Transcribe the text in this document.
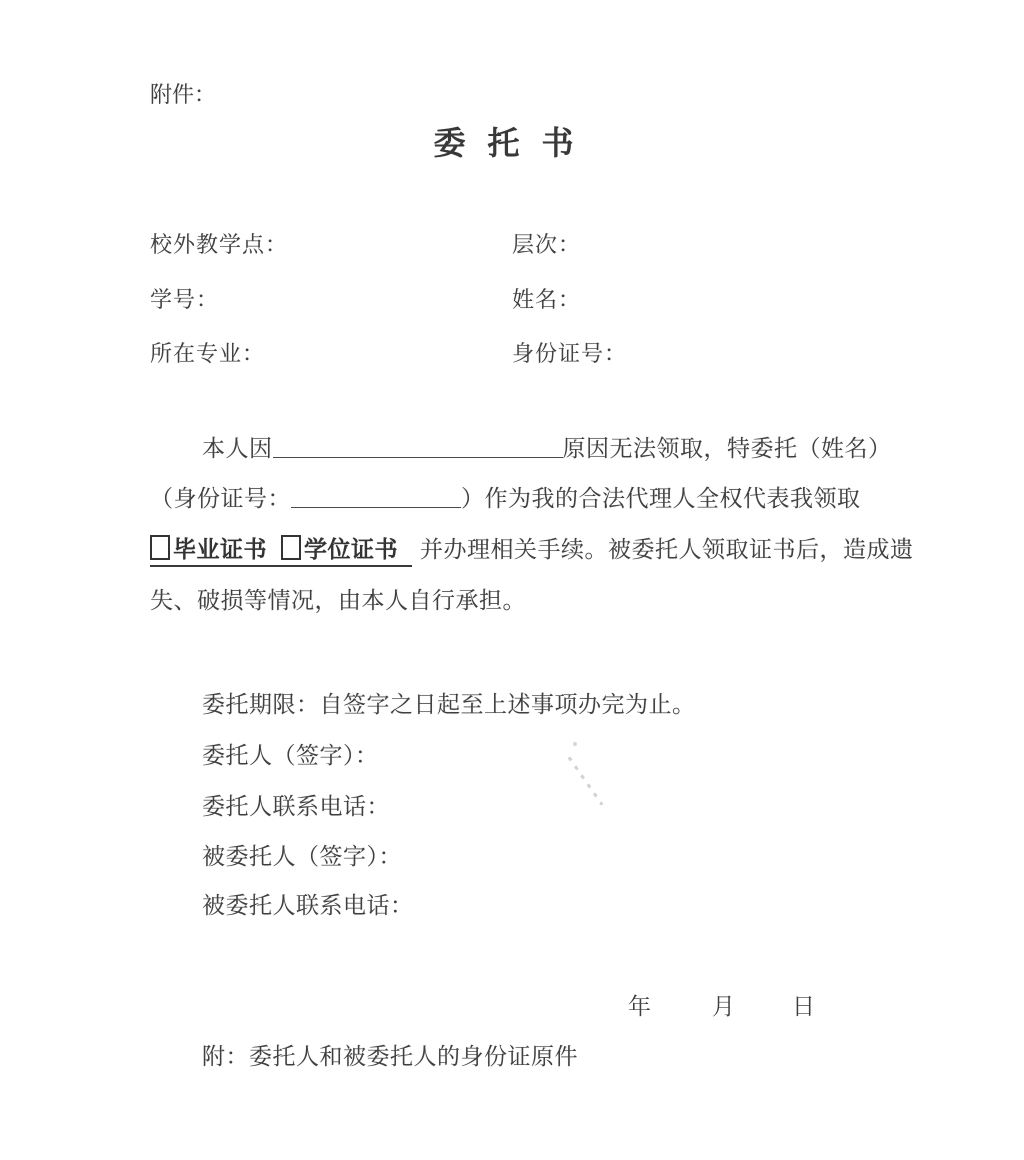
附件：
委 托 书
校外教学点：	层次：
学号：	姓名：
所在专业：	身份证号：
本人因	原因无法领取，特委托（姓名）
（身份证号：	）作为我的合法代理人全权代表我领取
毕业证书 学位证书 并办理相关手续。被委托人领取证书后，造成遗
失、破损等情况，由本人自行承担。
委托期限：自签字之日起至上述事项办完为止。
委托人（签字）：
委托人联系电话：
被委托人（签字）：
被委托人联系电话：
年	月 日
附：委托人和被委托人的身份证原件
